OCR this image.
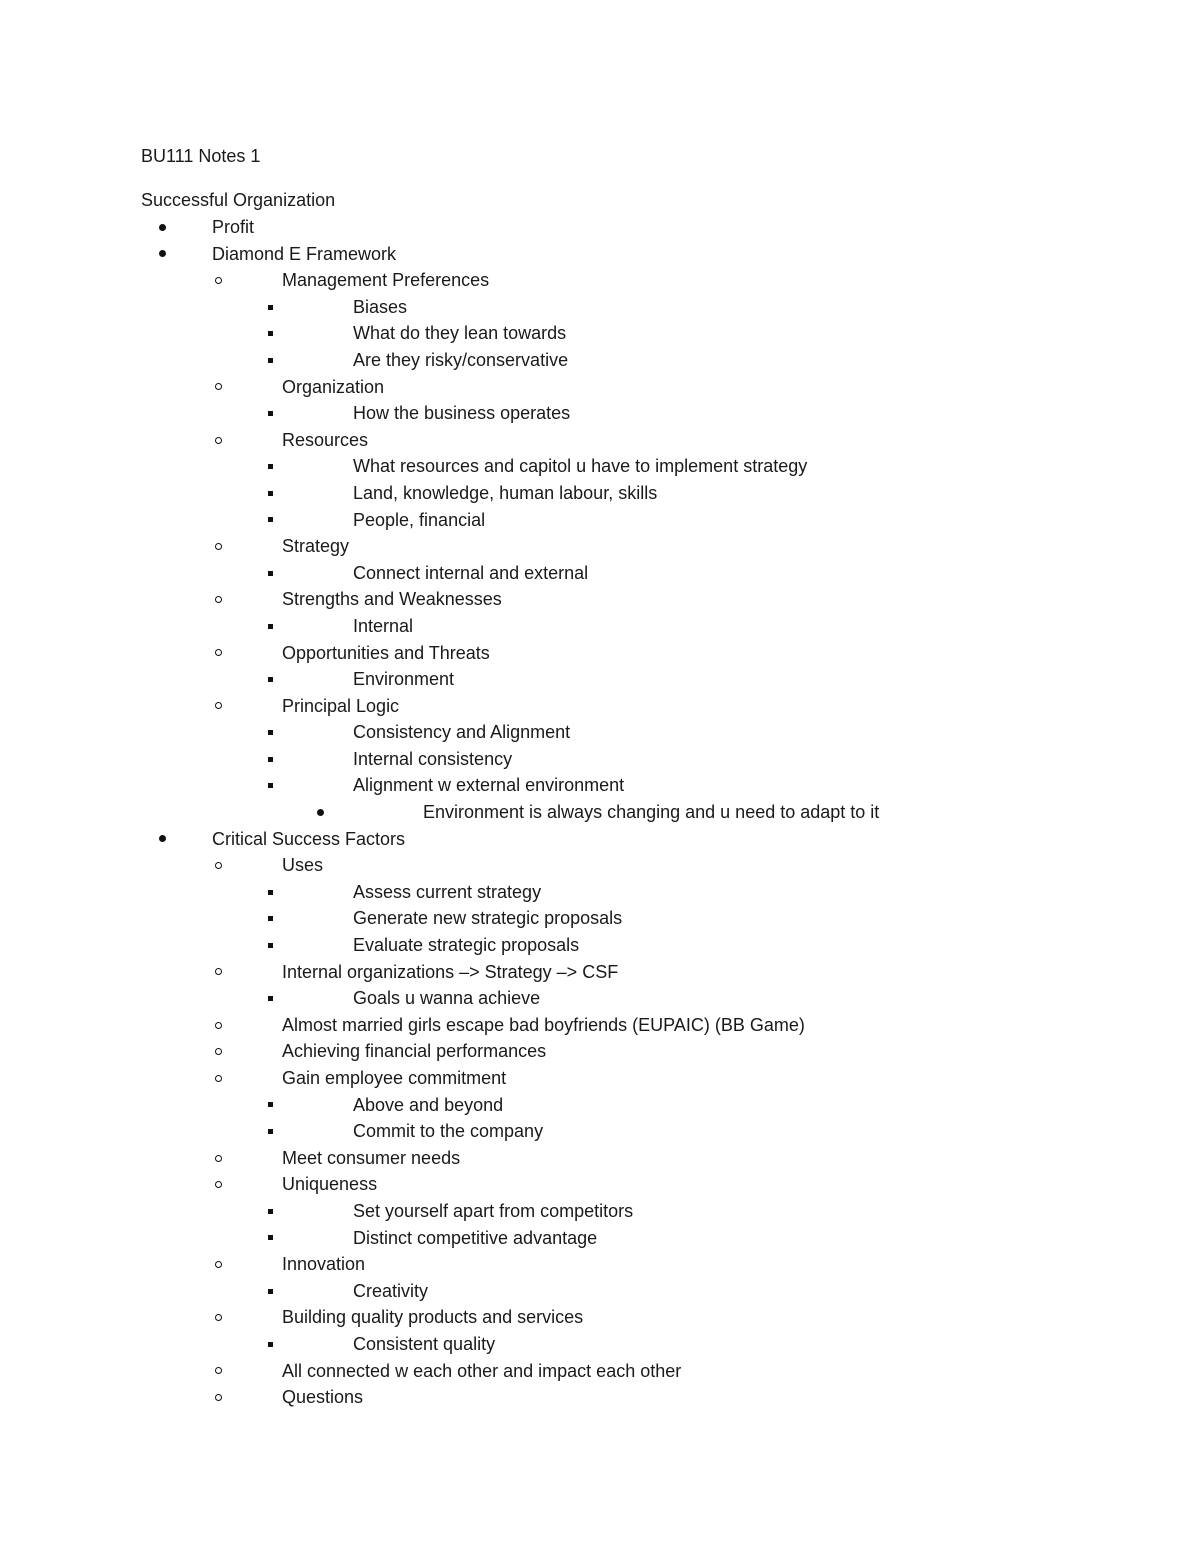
BU111 Notes 1
Successful Organization
Profit
Diamond E Framework
Management Preferences
Biases
What do they lean towards
Are they risky/conservative
Organization
How the business operates
Resources
What resources and capitol u have to implement strategy
Land, knowledge, human labour, skills
People, financial
Strategy
Connect internal and external
Strengths and Weaknesses
Internal
Opportunities and Threats
Environment
Principal Logic
Consistency and Alignment
Internal consistency
Alignment w external environment
Environment is always changing and u need to adapt to it
Critical Success Factors
Uses
Assess current strategy
Generate new strategic proposals
Evaluate strategic proposals
Internal organizations –> Strategy –> CSF
Goals u wanna achieve
Almost married girls escape bad boyfriends (EUPAIC) (BB Game)
Achieving financial performances
Gain employee commitment
Above and beyond
Commit to the company
Meet consumer needs
Uniqueness
Set yourself apart from competitors
Distinct competitive advantage
Innovation
Creativity
Building quality products and services
Consistent quality
All connected w each other and impact each other
Questions
